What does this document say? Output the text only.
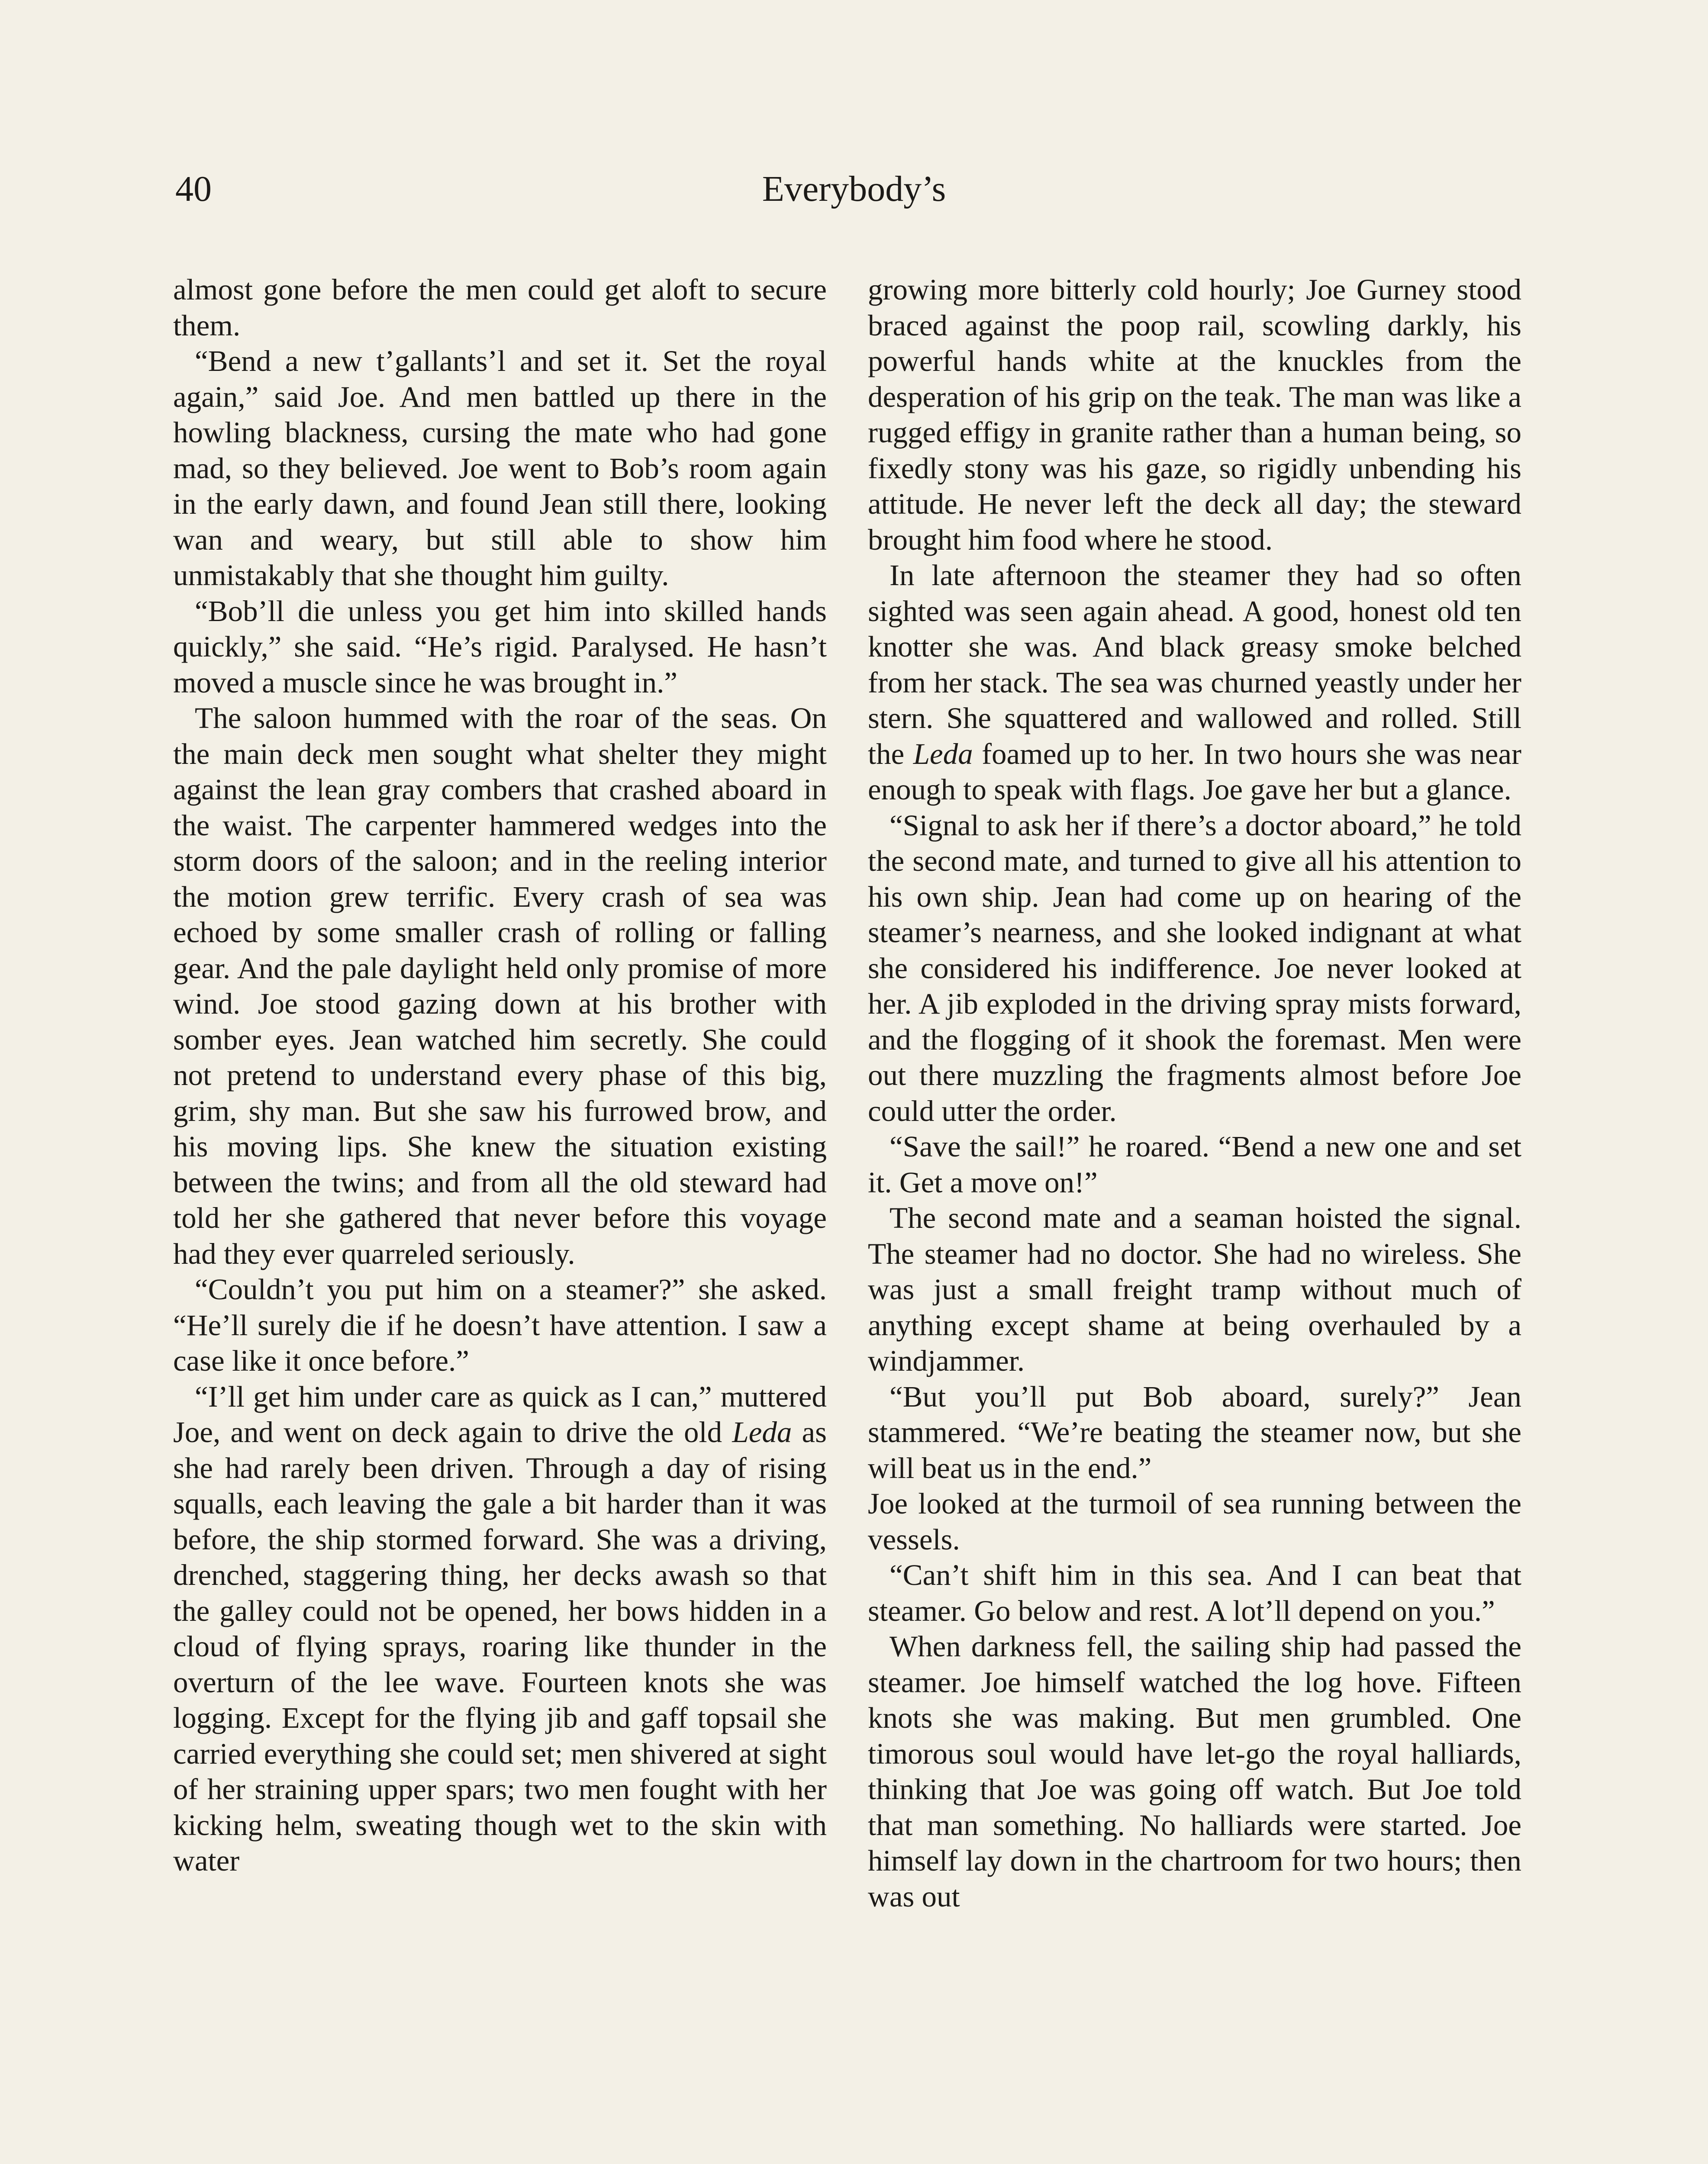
40	Everybody’s

almost gone before the men could get aloft to secure them.

“Bend a new t’gallants’l and set it. Set the royal again,” said Joe. And men battled up there in the howling blackness, cursing the mate who had gone mad, so they believed. Joe went to Bob’s room again in the early dawn, and found Jean still there, looking wan and weary, but still able to show him unmistakably that she thought him guilty.

“Bob’ll die unless you get him into skilled hands quickly,” she said. “He’s rigid. Paralysed. He hasn’t moved a muscle since he was brought in.”

The saloon hummed with the roar of the seas. On the main deck men sought what shelter they might against the lean gray combers that crashed aboard in the waist. The carpenter hammered wedges into the storm doors of the saloon; and in the reeling interior the motion grew terrific. Every crash of sea was echoed by some smaller crash of rolling or falling gear. And the pale daylight held only promise of more wind. Joe stood gazing down at his brother with somber eyes. Jean watched him secretly. She could not pretend to understand every phase of this big, grim, shy man. But she saw his furrowed brow, and his moving lips. She knew the situation existing between the twins; and from all the old steward had told her she gathered that never before this voyage had they ever quarreled seriously.

“Couldn’t you put him on a steamer?” she asked. “He’ll surely die if he doesn’t have attention. I saw a case like it once before.”

“I’ll get him under care as quick as I can,” muttered Joe, and went on deck again to drive the old Leda as she had rarely been driven. Through a day of rising squalls, each leaving the gale a bit harder than it was before, the ship stormed forward. She was a driving, drenched, staggering thing, her decks awash so that the galley could not be opened, her bows hidden in a cloud of flying sprays, roaring like thunder in the overturn of the lee wave. Fourteen knots she was logging. Except for the flying jib and gaff topsail she carried everything she could set; men shivered at sight of her straining upper spars; two men fought with her kicking helm, sweating though wet to the skin with water

growing more bitterly cold hourly; Joe Gurney stood braced against the poop rail, scowling darkly, his powerful hands white at the knuckles from the desperation of his grip on the teak. The man was like a rugged effigy in granite rather than a human being, so fixedly stony was his gaze, so rigidly unbending his attitude. He never left the deck all day; the steward brought him food where he stood.

In late afternoon the steamer they had so often sighted was seen again ahead. A good, honest old ten knotter she was. And black greasy smoke belched from her stack. The sea was churned yeastly under her stern. She squattered and wallowed and rolled. Still the Leda foamed up to her. In two hours she was near enough to speak with flags. Joe gave her but a glance.

“Signal to ask her if there’s a doctor aboard,” he told the second mate, and turned to give all his attention to his own ship. Jean had come up on hearing of the steamer’s nearness, and she looked indignant at what she considered his indifference. Joe never looked at her. A jib exploded in the driving spray mists forward, and the flogging of it shook the foremast. Men were out there muzzling the fragments almost before Joe could utter the order.

“Save the sail!” he roared. “Bend a new one and set it. Get a move on!”

The second mate and a seaman hoisted the signal. The steamer had no doctor. She had no wireless. She was just a small freight tramp without much of anything except shame at being overhauled by a windjammer.

“But you’ll put Bob aboard, surely?” Jean stammered. “We’re beating the steamer now, but she will beat us in the end.”

Joe looked at the turmoil of sea running between the vessels.

“Can’t shift him in this sea. And I can beat that steamer. Go below and rest. A lot’ll depend on you.”

When darkness fell, the sailing ship had passed the steamer. Joe himself watched the log hove. Fifteen knots she was making. But men grumbled. One timorous soul would have let-go the royal halliards, thinking that Joe was going off watch. But Joe told that man something. No halliards were started. Joe himself lay down in the chartroom for two hours; then was out
